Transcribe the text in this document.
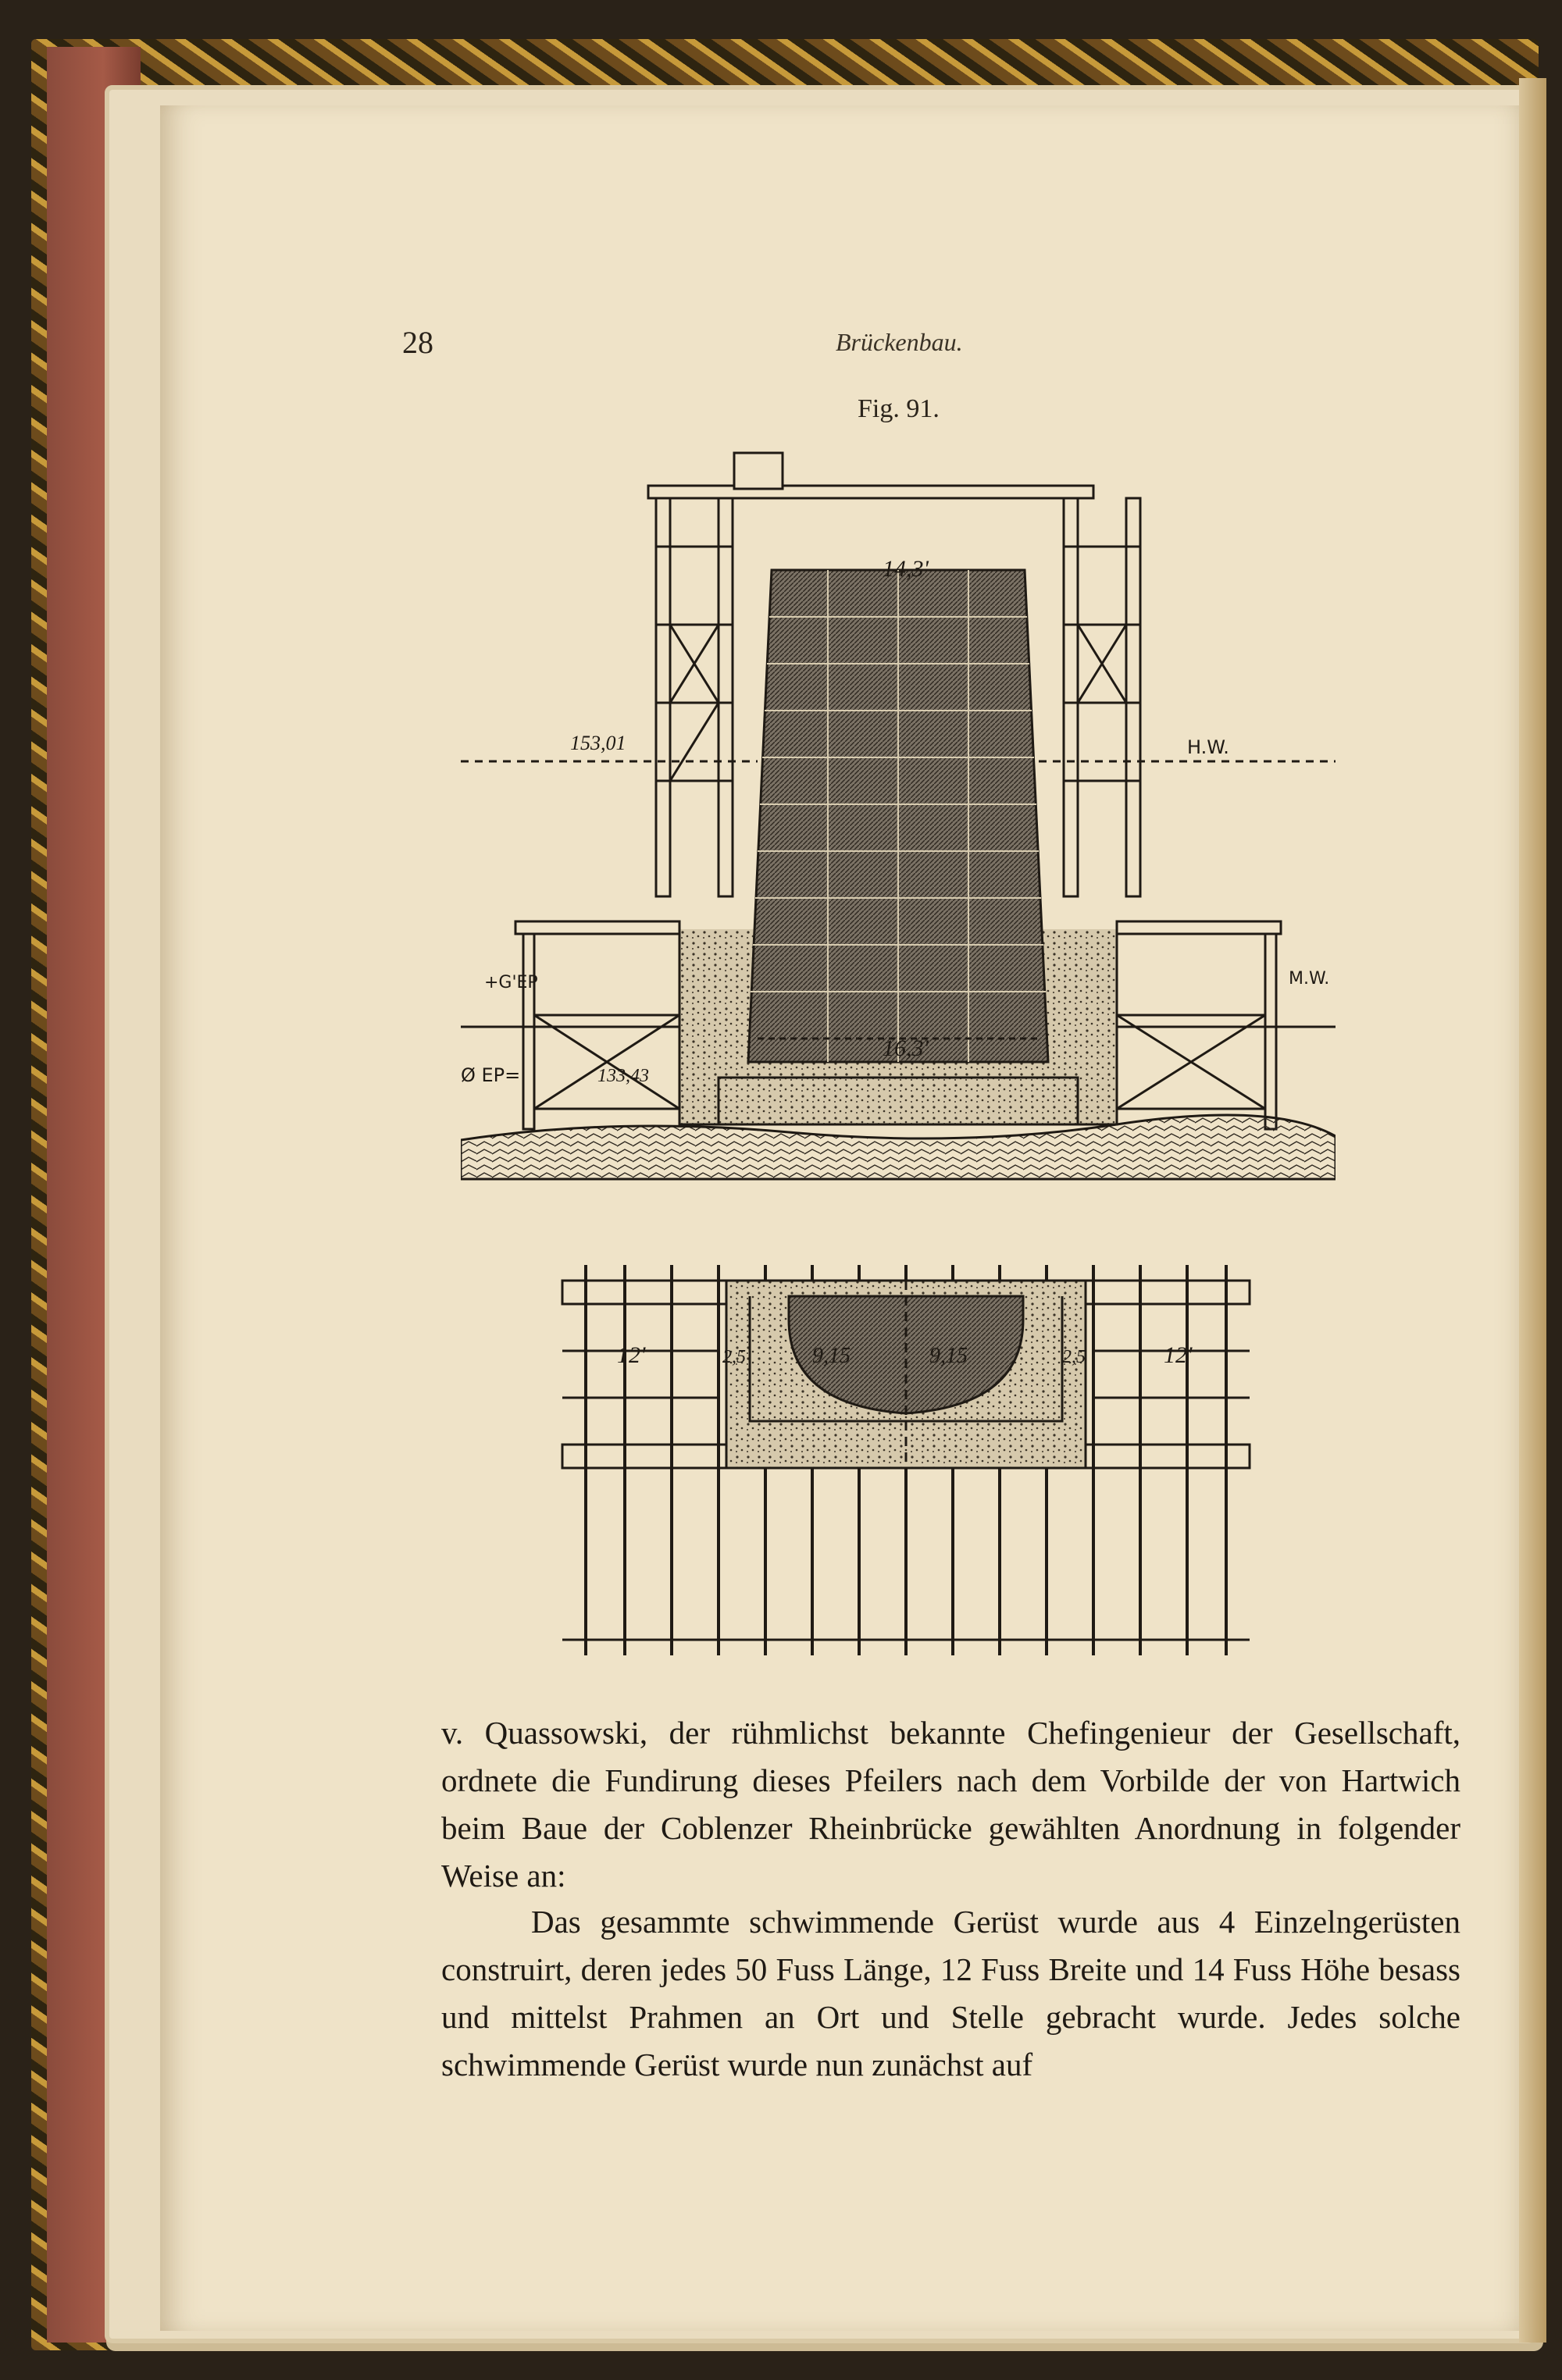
28	Brückenbau.
Fig. 91.
14,3'
16,3'
H.W.
M.W.
153,01
+G'EP
Ø EP=	133,43
12'	2,5	9,15	9,15	2,5	12'

v. Quassowski, der rühmlichst bekannte Chefingenieur der Gesellschaft, ordnete die Fundirung dieses Pfeilers nach dem Vorbilde der von Hartwich beim Baue der Coblenzer Rheinbrücke gewählten Anordnung in folgender Weise an:

Das gesammte schwimmende Gerüst wurde aus 4 Einzelngerüsten construirt, deren jedes 50 Fuss Länge, 12 Fuss Breite und 14 Fuss Höhe besass und mittelst Prahmen an Ort und Stelle gebracht wurde. Jedes solche schwimmende Gerüst wurde nun zunächst auf
